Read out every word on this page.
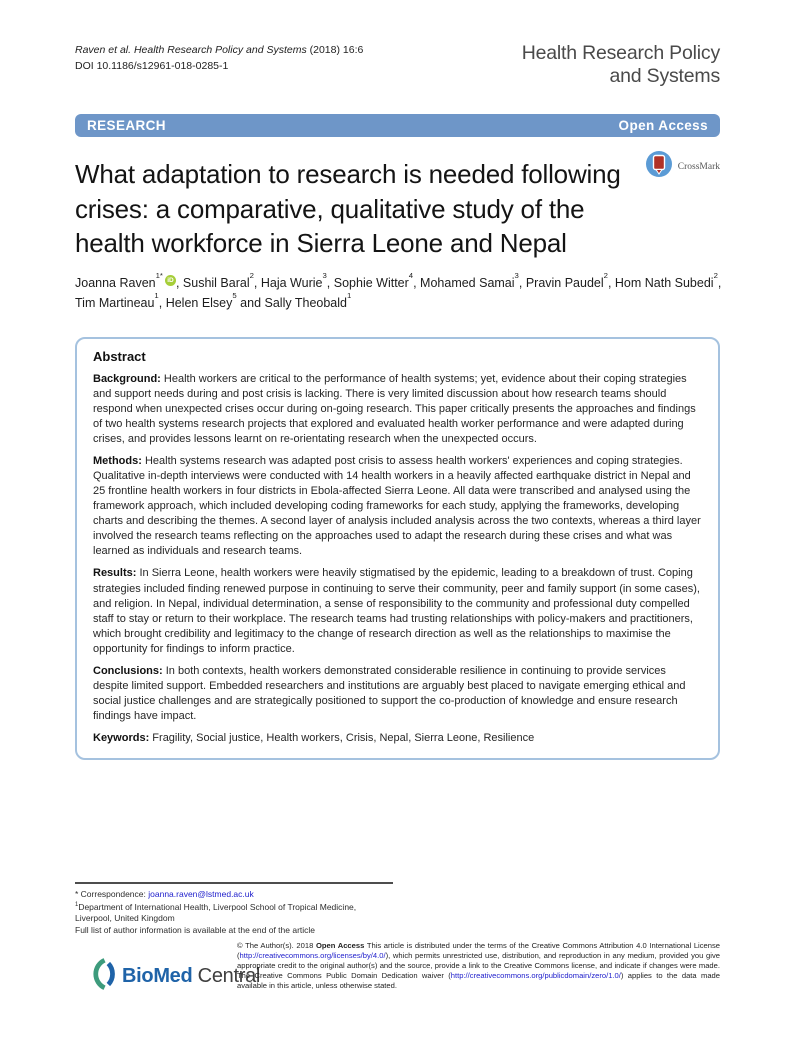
Raven et al. Health Research Policy and Systems (2018) 16:6
DOI 10.1186/s12961-018-0285-1
Health Research Policy and Systems
RESEARCH	Open Access
CrossMark
What adaptation to research is needed following crises: a comparative, qualitative study of the health workforce in Sierra Leone and Nepal
Joanna Raven$^{1*}$iD , Sushil Baral$^2$, Haja Wurie$^3$, Sophie Witter$^4$, Mohamed Samai$^3$, Pravin Paudel$^2$, Hom Nath Subedi$^2$, Tim Martineau$^1$, Helen Elsey$^5$ and Sally Theobald$^1$
Abstract

Background: Health workers are critical to the performance of health systems; yet, evidence about their coping strategies and support needs during and post crisis is lacking. There is very limited discussion about how research teams should respond when unexpected crises occur during on-going research. This paper critically presents the approaches and findings of two health systems research projects that explored and evaluated health worker performance and were adapted during crises, and provides lessons learnt on re-orientating research when the unexpected occurs.

Methods: Health systems research was adapted post crisis to assess health workers' experiences and coping strategies. Qualitative in-depth interviews were conducted with 14 health workers in a heavily affected earthquake district in Nepal and 25 frontline health workers in four districts in Ebola-affected Sierra Leone. All data were transcribed and analysed using the framework approach, which included developing coding frameworks for each study, applying the frameworks, developing charts and describing the themes. A second layer of analysis included analysis across the two contexts, whereas a third layer involved the research teams reflecting on the approaches used to adapt the research during these crises and what was learned as individuals and research teams.

Results: In Sierra Leone, health workers were heavily stigmatised by the epidemic, leading to a breakdown of trust. Coping strategies included finding renewed purpose in continuing to serve their community, peer and family support (in some cases), and religion. In Nepal, individual determination, a sense of responsibility to the community and professional duty compelled staff to stay or return to their workplace. The research teams had trusting relationships with policy-makers and practitioners, which brought credibility and legitimacy to the change of research direction as well as the relationships to maximise the opportunity for findings to inform practice.

Conclusions: In both contexts, health workers demonstrated considerable resilience in continuing to provide services despite limited support. Embedded researchers and institutions are arguably best placed to navigate emerging ethical and social justice challenges and are strategically positioned to support the co-production of knowledge and ensure research findings have impact.

Keywords: Fragility, Social justice, Health workers, Crisis, Nepal, Sierra Leone, Resilience

* Correspondence: joanna.raven@lstmed.ac.uk
$^1$Department of International Health, Liverpool School of Tropical Medicine, Liverpool, United Kingdom
Full list of author information is available at the end of the article
BioMed Central
© The Author(s). 2018 Open Access This article is distributed under the terms of the Creative Commons Attribution 4.0 International License (http://creativecommons.org/licenses/by/4.0/), which permits unrestricted use, distribution, and reproduction in any medium, provided you give appropriate credit to the original author(s) and the source, provide a link to the Creative Commons license, and indicate if changes were made. The Creative Commons Public Domain Dedication waiver (http://creativecommons.org/publicdomain/zero/1.0/) applies to the data made available in this article, unless otherwise stated.
